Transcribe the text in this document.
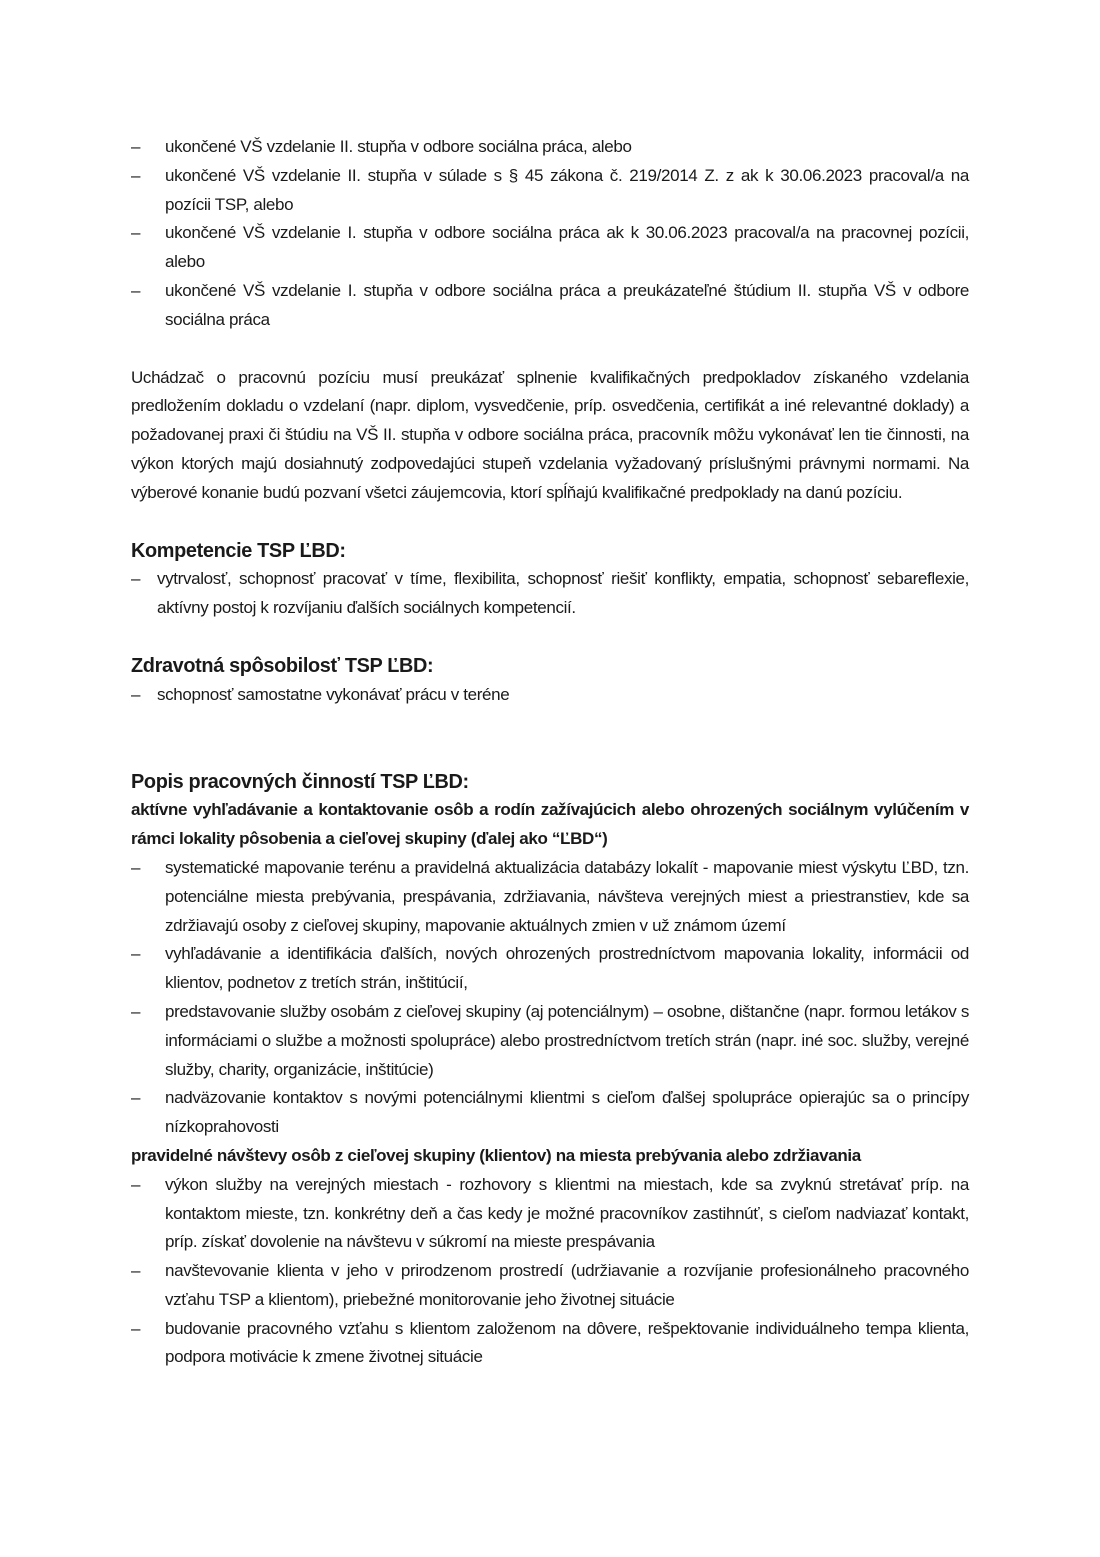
–	ukončené VŠ vzdelanie II. stupňa v odbore sociálna práca, alebo
–	ukončené VŠ vzdelanie II. stupňa v súlade s § 45 zákona č. 219/2014 Z. z ak k 30.06.2023 pracoval/a na pozícii TSP, alebo
–	ukončené VŠ vzdelanie I. stupňa v odbore sociálna práca ak k 30.06.2023 pracoval/a na pracovnej pozícii, alebo
–	ukončené VŠ vzdelanie I. stupňa v odbore sociálna práca a preukázateľné štúdium II. stupňa VŠ v odbore sociálna práca

Uchádzač o pracovnú pozíciu musí preukázať splnenie kvalifikačných predpokladov získaného vzdelania predložením dokladu o vzdelaní (napr. diplom, vysvedčenie, príp. osvedčenia, certifikát a iné relevantné doklady) a požadovanej praxi či štúdiu na VŠ II. stupňa v odbore sociálna práca, pracovník môžu vykonávať len tie činnosti, na výkon ktorých majú dosiahnutý zodpovedajúci stupeň vzdelania vyžadovaný príslušnými právnymi normami. Na výberové konanie budú pozvaní všetci záujemcovia, ktorí spĺňajú kvalifikačné predpoklady na danú pozíciu.

Kompetencie TSP ĽBD:
– vytrvalosť, schopnosť pracovať v tíme, flexibilita, schopnosť riešiť konflikty, empatia, schopnosť sebareflexie, aktívny postoj k rozvíjaniu ďalších sociálnych kompetencií.
Zdravotná spôsobilosť TSP ĽBD:
– schopnosť samostatne vykonávať prácu v teréne
Popis pracovných činností TSP ĽBD:

aktívne vyhľadávanie a kontaktovanie osôb a rodín zažívajúcich alebo ohrozených sociálnym vylúčením v rámci lokality pôsobenia a cieľovej skupiny (ďalej ako “ĽBD“)

–	systematické mapovanie terénu a pravidelná aktualizácia databázy lokalít - mapovanie miest výskytu ĽBD, tzn. potenciálne miesta prebývania, prespávania, zdržiavania, návšteva verejných miest a priestranstiev, kde sa zdržiavajú osoby z cieľovej skupiny, mapovanie aktuálnych zmien v už známom území
–	vyhľadávanie a identifikácia ďalších, nových ohrozených prostredníctvom mapovania lokality, informácii od klientov, podnetov z tretích strán, inštitúcií,
–	predstavovanie služby osobám z cieľovej skupiny (aj potenciálnym) – osobne, dištančne (napr. formou letákov s informáciami o službe a možnosti spolupráce) alebo prostredníctvom tretích strán (napr. iné soc. služby, verejné služby, charity, organizácie, inštitúcie)
–	nadväzovanie kontaktov s novými potenciálnymi klientmi s cieľom ďalšej spolupráce opierajúc sa o princípy nízkoprahovosti

pravidelné návštevy osôb z cieľovej skupiny (klientov) na miesta prebývania alebo zdržiavania

–	výkon služby na verejných miestach - rozhovory s klientmi na miestach, kde sa zvyknú stretávať príp. na kontaktom mieste, tzn. konkrétny deň a čas kedy je možné pracovníkov zastihnúť, s cieľom nadviazať kontakt, príp. získať dovolenie na návštevu v súkromí na mieste prespávania
–	navštevovanie klienta v jeho v prirodzenom prostredí (udržiavanie a rozvíjanie profesionálneho pracovného vzťahu TSP a klientom), priebežné monitorovanie jeho životnej situácie
–	budovanie pracovného vzťahu s klientom založenom na dôvere, rešpektovanie individuálneho tempa klienta, podpora motivácie k zmene životnej situácie
